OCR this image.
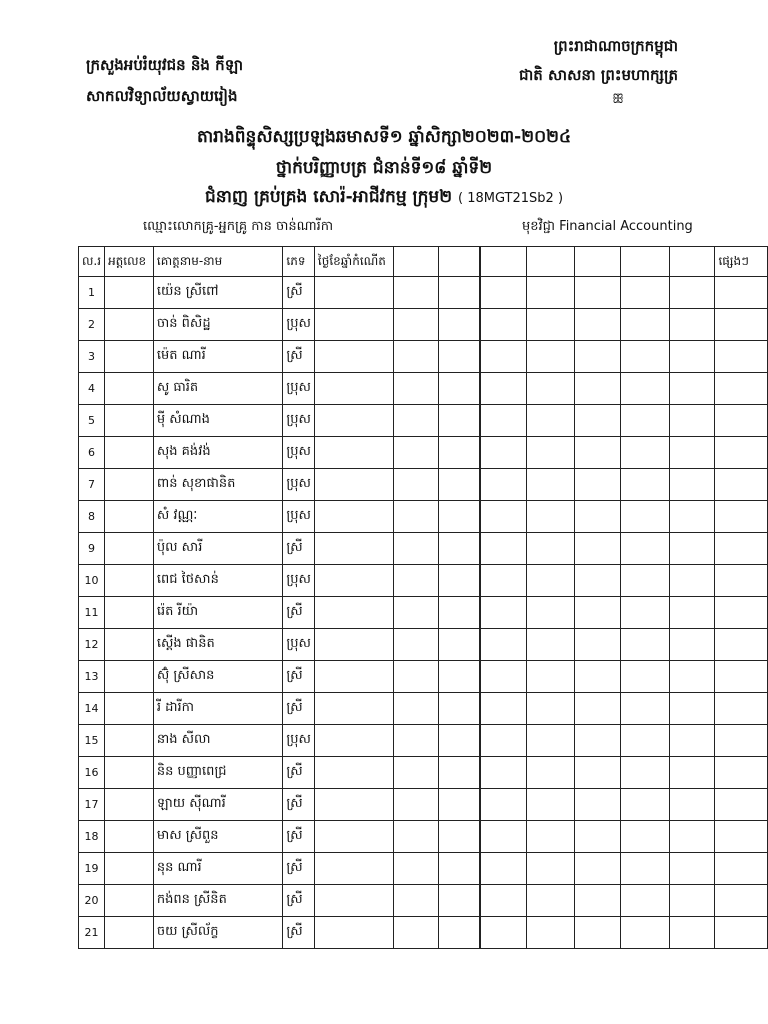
ក្រសួងអប់រំយុវជន និង កីឡា
សាកលវិទ្យាល័យស្វាយរៀង
ព្រះរាជាណាចក្រកម្ពុជា
ជាតិ សាសនា ព្រះមហាក្សត្រ
ꕥ
តារាងពិន្ទុសិស្សប្រឡងឆមាសទី១ ឆ្នាំសិក្សា២០២៣-២០២៤
ថ្នាក់បរិញ្ញាបត្រ ជំនាន់ទី១៨ ឆ្នាំទី២
ជំនាញ គ្រប់គ្រង សោរ៉-អាជីវកម្ម ក្រុម២ ( 18MGT21Sb2 )
ឈ្មោះលោកគ្រូ-អ្នកគ្រូ កាន ចាន់ណារីកា	មុខវិជ្ជា Financial Accounting
ល.រ	អត្តលេខ	គោត្តនាម-នាម	ភេទ	ថ្ងៃខែឆ្នាំកំណើត								ផ្សេងៗ
1		យ៉េន ស្រីពៅ	ស្រី									
2		ចាន់ ពិសិដ្ឋ	ប្រុស									
3		ម៉េត ណារី	ស្រី									
4		សូ ធារិត	ប្រុស									
5		ម៉ី សំណាង	ប្រុស									
6		សុង គង់វង់	ប្រុស									
7		ពាន់ សុខាផានិត	ប្រុស									
8		សំ វណ្ណៈ	ប្រុស									
9		ប៉ុល សារី	ស្រី									
10		ពេជ ថៃសាន់	ប្រុស									
11		រ៉េត រីយ៉ា	ស្រី									
12		ស្តើង ផានិត	ប្រុស									
13		ស៊ុំ ស្រីសាន	ស្រី									
14		រី ដារីកា	ស្រី									
15		នាង សីលា	ប្រុស									
16		និន បញ្ញាពេជ្រ	ស្រី									
17		ឡាយ ស៊ីណារី	ស្រី									
18		មាស ស្រីពួន	ស្រី									
19		នុន ណារី	ស្រី									
20		កង់ពន ស្រីនិត	ស្រី									
21		ចយ ស្រីល័ក្ខ	ស្រី									
